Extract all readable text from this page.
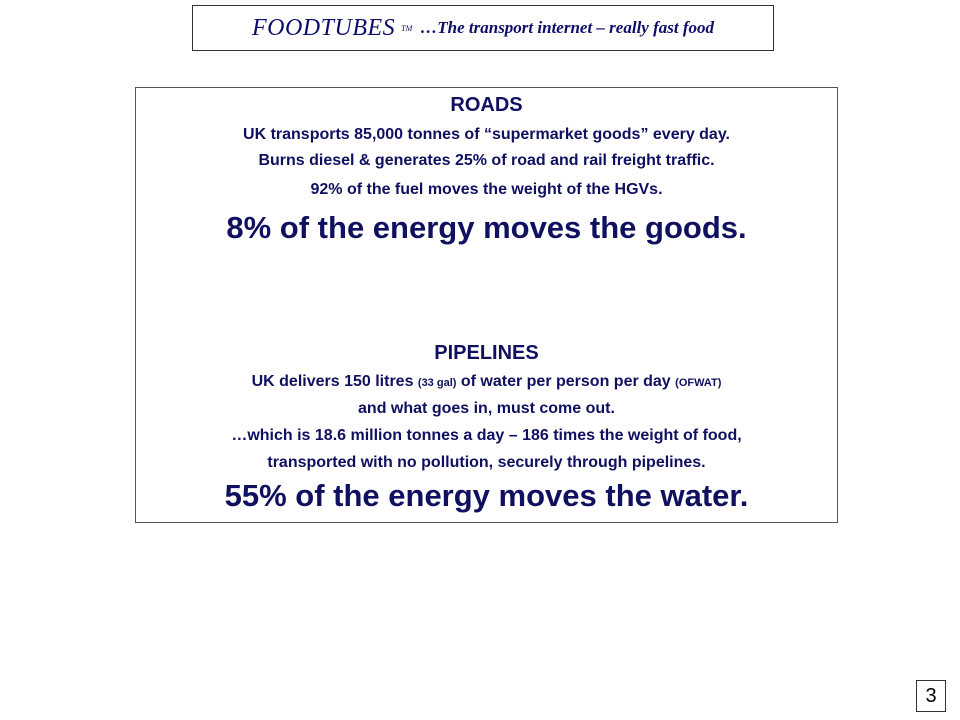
FOODTUBES TM …The transport internet – really fast food
ROADS
UK transports 85,000 tonnes of “supermarket goods” every day.
Burns diesel & generates 25% of road and rail freight traffic.
92% of the fuel moves the weight of the HGVs.
8% of the energy moves the goods.
PIPELINES
UK delivers 150 litres (33 gal) of water per person per day (OFWAT)
and what goes in, must come out.
…which is 18.6 million tonnes a day – 186 times the weight of food,
transported with no pollution, securely through pipelines.
55% of the energy moves the water.
3
